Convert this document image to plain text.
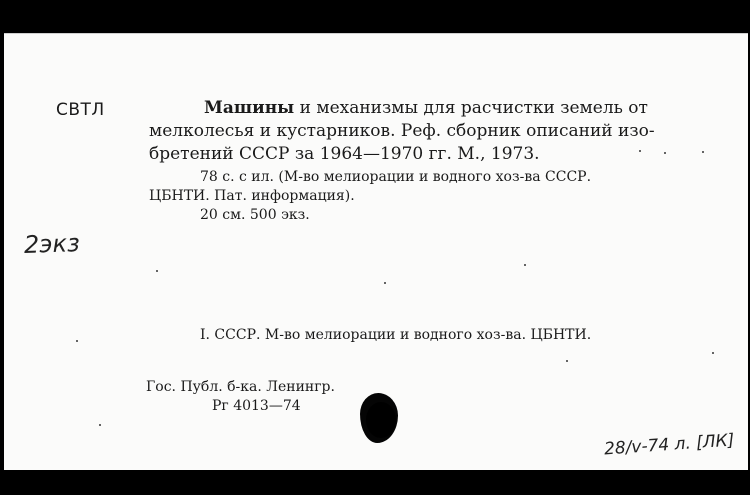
СВТЛ
2экз
Машины и механизмы для расчистки земель от
мелколесья и кустарников. Реф. сборник описаний изо-
бретений СССР за 1964—1970 гг. М., 1973.
78 с. с ил. (М-во мелиорации и водного хоз-ва СССР.
ЦБНТИ. Пат. информация).
20 см. 500 экз.
I. СССР. М-во мелиорации и водного хоз-ва. ЦБНТИ.
Гос. Публ. б-ка. Ленингр.
Рг 4013—74
28/v-74 л. [ЛК]
